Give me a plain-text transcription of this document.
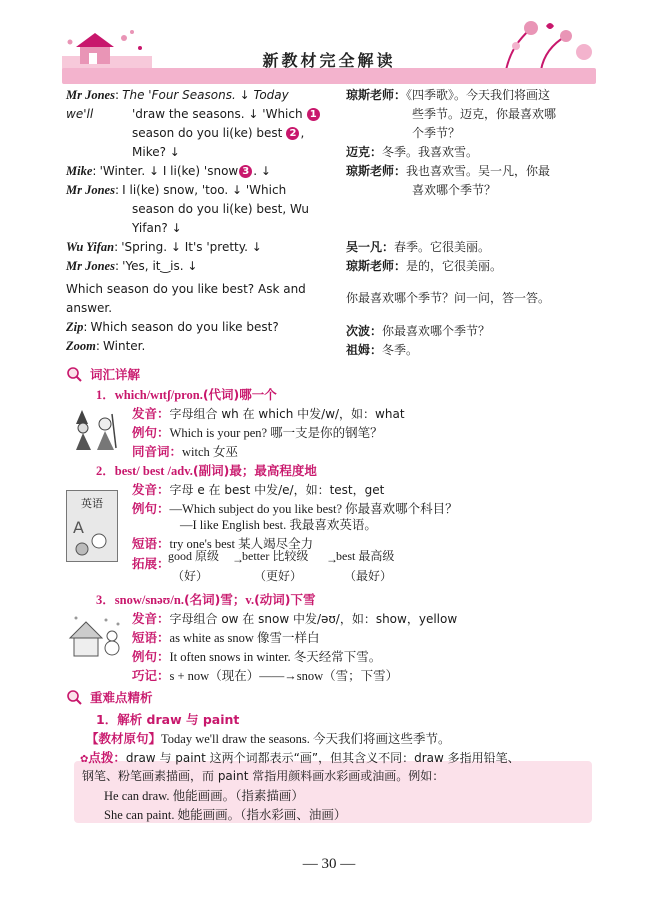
新教材完全解读
Mr Jones: The 'Four Seasons. ↓ Today we'll	'draw the seasons. ↓ 'Which 1
season do you li(ke) best 2 ,
Mike? ↓
Mike: 'Winter. ↓ I li(ke) 'snow 3 . ↓
Mr Jones: I li(ke) snow, 'too. ↓ 'Which
season do you li(ke) best, Wu
Yifan? ↓
Wu Yifan: 'Spring. ↓ It's 'pretty. ↓
Mr Jones: 'Yes, it‿is. ↓
Which season do you like best? Ask and
answer.
Zip: Which season do you like best?
Zoom: Winter.
琼斯老师：《四季歌》。今天我们将画这
些季节。迈克，你最喜欢哪
个季节？
迈克：冬季。我喜欢雪。
琼斯老师：我也喜欢雪。吴一凡，你最
喜欢哪个季节？
吴一凡：春季。它很美丽。
琼斯老师：是的，它很美丽。
你最喜欢哪个季节？问一问，答一答。
次波：你最喜欢哪个季节？
祖姆：冬季。
词汇详解
1．which/wɪtʃ/pron.(代词)哪一个
发音：字母组合 wh 在 which 中发/w/，如：what
例句：Which is your pen? 哪一支是你的钢笔？
同音词：witch 女巫
2．best/ best /adv.(副词)最；最高程度地
英语
A
发音：字母 e 在 best 中发/e/，如：test，get
例句：—Which subject do you like best? 你最喜欢哪个科目？
—I like English best. 我最喜欢英语。
短语：try one's best 某人竭尽全力
拓展：
good 原级 →
better 比较级 →
best 最高级
（好）	（更好）	（最好）
3．snow/snəʊ/n.(名词)雪；v.(动词)下雪
发音：字母组合 ow 在 snow 中发/əʊ/，如：show，yellow
短语：as white as snow 像雪一样白
例句：It often snows in winter. 冬天经常下雪。
巧记：s + now（现在）——→snow（雪；下雪）
重难点精析
1．解析 draw 与 paint
【教材原句】Today we'll draw the seasons. 今天我们将画这些季节。
✿点拨：draw 与 paint 这两个词都表示“画”，但其含义不同：draw 多指用铅笔、
钢笔、粉笔画素描画，而 paint 常指用颜料画水彩画或油画。例如：
He can draw. 他能画画。（指素描画）
She can paint. 她能画画。（指水彩画、油画）
— 30 —
